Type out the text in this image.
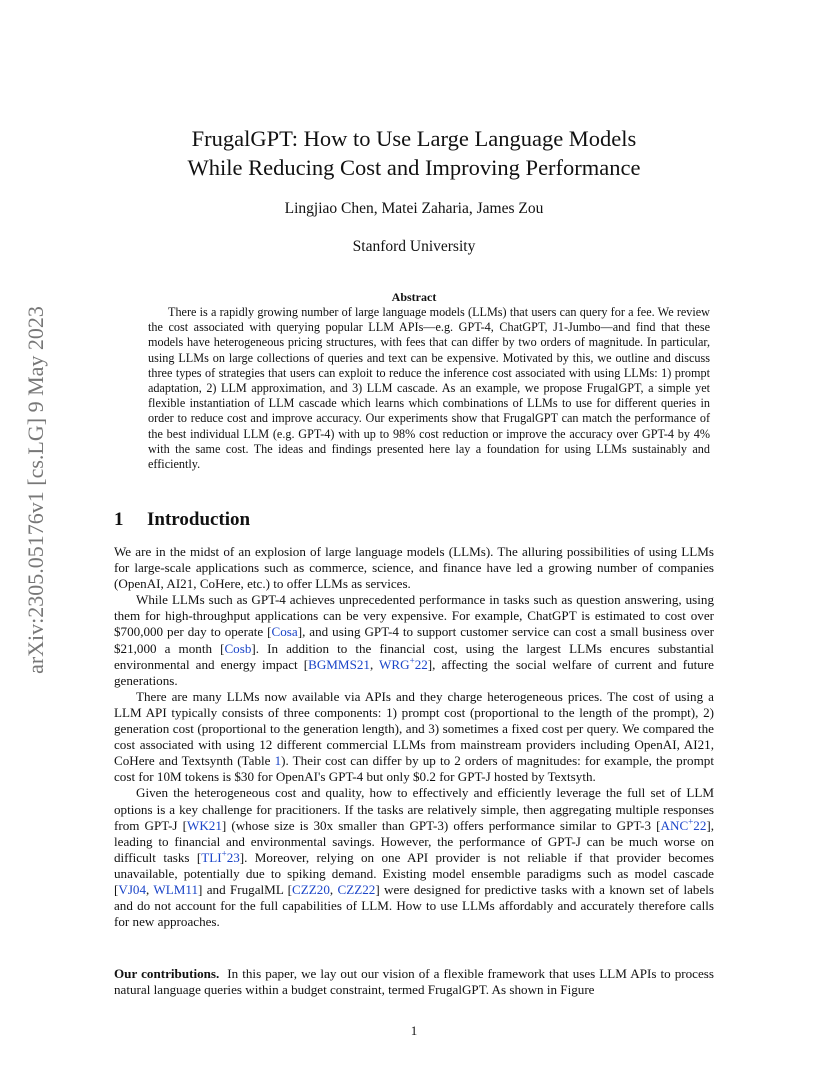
arXiv:2305.05176v1 [cs.LG] 9 May 2023
FrugalGPT: How to Use Large Language Models
While Reducing Cost and Improving Performance
Lingjiao Chen, Matei Zaharia, James Zou
Stanford University
Abstract
There is a rapidly growing number of large language models (LLMs) that users can query for a fee. We review the cost associated with querying popular LLM APIs—e.g. GPT-4, ChatGPT, J1-Jumbo—and find that these models have heterogeneous pricing structures, with fees that can differ by two orders of magnitude. In particular, using LLMs on large collections of queries and text can be expensive. Motivated by this, we outline and discuss three types of strategies that users can exploit to reduce the inference cost associated with using LLMs: 1) prompt adaptation, 2) LLM approximation, and 3) LLM cascade. As an example, we propose FrugalGPT, a simple yet flexible instantiation of LLM cascade which learns which combinations of LLMs to use for different queries in order to reduce cost and improve accuracy. Our experiments show that FrugalGPT can match the performance of the best individual LLM (e.g. GPT-4) with up to 98% cost reduction or improve the accuracy over GPT-4 by 4% with the same cost. The ideas and findings presented here lay a foundation for using LLMs sustainably and efficiently.
1 Introduction

We are in the midst of an explosion of large language models (LLMs). The alluring possibilities of using LLMs for large-scale applications such as commerce, science, and finance have led a growing number of companies (OpenAI, AI21, CoHere, etc.) to offer LLMs as services.

While LLMs such as GPT-4 achieves unprecedented performance in tasks such as question answering, using them for high-throughput applications can be very expensive. For example, ChatGPT is estimated to cost over $700,000 per day to operate [Cosa], and using GPT-4 to support customer service can cost a small business over $21,000 a month [Cosb]. In addition to the financial cost, using the largest LLMs encures substantial environmental and energy impact [BGMMS21, WRG+22], affecting the social welfare of current and future generations.

There are many LLMs now available via APIs and they charge heterogeneous prices. The cost of using a LLM API typically consists of three components: 1) prompt cost (proportional to the length of the prompt), 2) generation cost (proportional to the generation length), and 3) sometimes a fixed cost per query. We compared the cost associated with using 12 different commercial LLMs from mainstream providers including OpenAI, AI21, CoHere and Textsynth (Table 1). Their cost can differ by up to 2 orders of magnitudes: for example, the prompt cost for 10M tokens is $30 for OpenAI's GPT-4 but only $0.2 for GPT-J hosted by Textsyth.

Given the heterogeneous cost and quality, how to effectively and efficiently leverage the full set of LLM options is a key challenge for pracitioners. If the tasks are relatively simple, then aggregating multiple responses from GPT-J [WK21] (whose size is 30x smaller than GPT-3) offers performance similar to GPT-3 [ANC+22], leading to financial and environmental savings. However, the performance of GPT-J can be much worse on difficult tasks [TLI+23]. Moreover, relying on one API provider is not reliable if that provider becomes unavailable, potentially due to spiking demand. Existing model ensemble paradigms such as model cascade [VJ04, WLM11] and FrugalML [CZZ20, CZZ22] were designed for predictive tasks with a known set of labels and do not account for the full capabilities of LLM. How to use LLMs affordably and accurately therefore calls for new approaches.

Our contributions. In this paper, we lay out our vision of a flexible framework that uses LLM APIs to process natural language queries within a budget constraint, termed FrugalGPT. As shown in Figure
1
